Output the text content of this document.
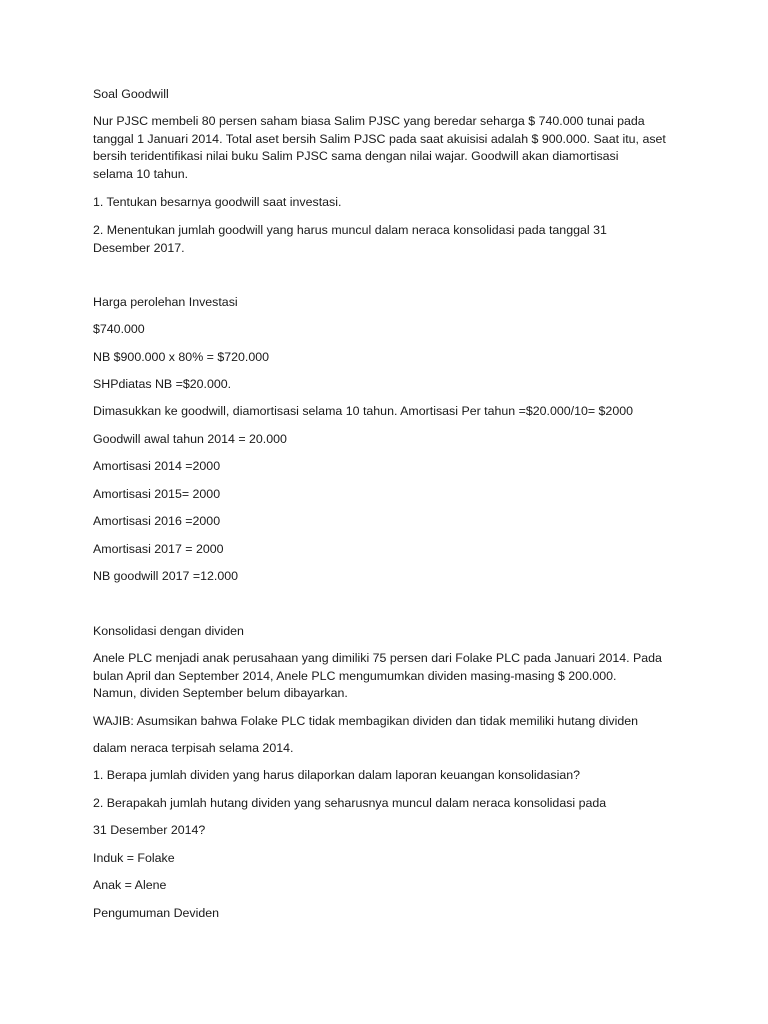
Soal Goodwill
Nur PJSC membeli 80 persen saham biasa Salim PJSC yang beredar seharga $ 740.000 tunai pada
tanggal 1 Januari 2014. Total aset bersih Salim PJSC pada saat akuisisi adalah $ 900.000. Saat itu, aset
bersih teridentifikasi nilai buku Salim PJSC sama dengan nilai wajar. Goodwill akan diamortisasi
selama 10 tahun.
1. Tentukan besarnya goodwill saat investasi.
2. Menentukan jumlah goodwill yang harus muncul dalam neraca konsolidasi pada tanggal 31
Desember 2017.
Harga perolehan Investasi
$740.000
NB $900.000 x 80% = $720.000
SHPdiatas NB =$20.000.
Dimasukkan ke goodwill, diamortisasi selama 10 tahun. Amortisasi Per tahun =$20.000/10= $2000
Goodwill awal tahun 2014 = 20.000
Amortisasi 2014 =2000
Amortisasi 2015= 2000
Amortisasi 2016 =2000
Amortisasi 2017 = 2000
NB goodwill 2017 =12.000
Konsolidasi dengan dividen
Anele PLC menjadi anak perusahaan yang dimiliki 75 persen dari Folake PLC pada Januari 2014. Pada
bulan April dan September 2014, Anele PLC mengumumkan dividen masing-masing $ 200.000.
Namun, dividen September belum dibayarkan.
WAJIB: Asumsikan bahwa Folake PLC tidak membagikan dividen dan tidak memiliki hutang dividen
dalam neraca terpisah selama 2014.
1. Berapa jumlah dividen yang harus dilaporkan dalam laporan keuangan konsolidasian?
2. Berapakah jumlah hutang dividen yang seharusnya muncul dalam neraca konsolidasi pada
31 Desember 2014?
Induk = Folake
Anak = Alene
Pengumuman Deviden
